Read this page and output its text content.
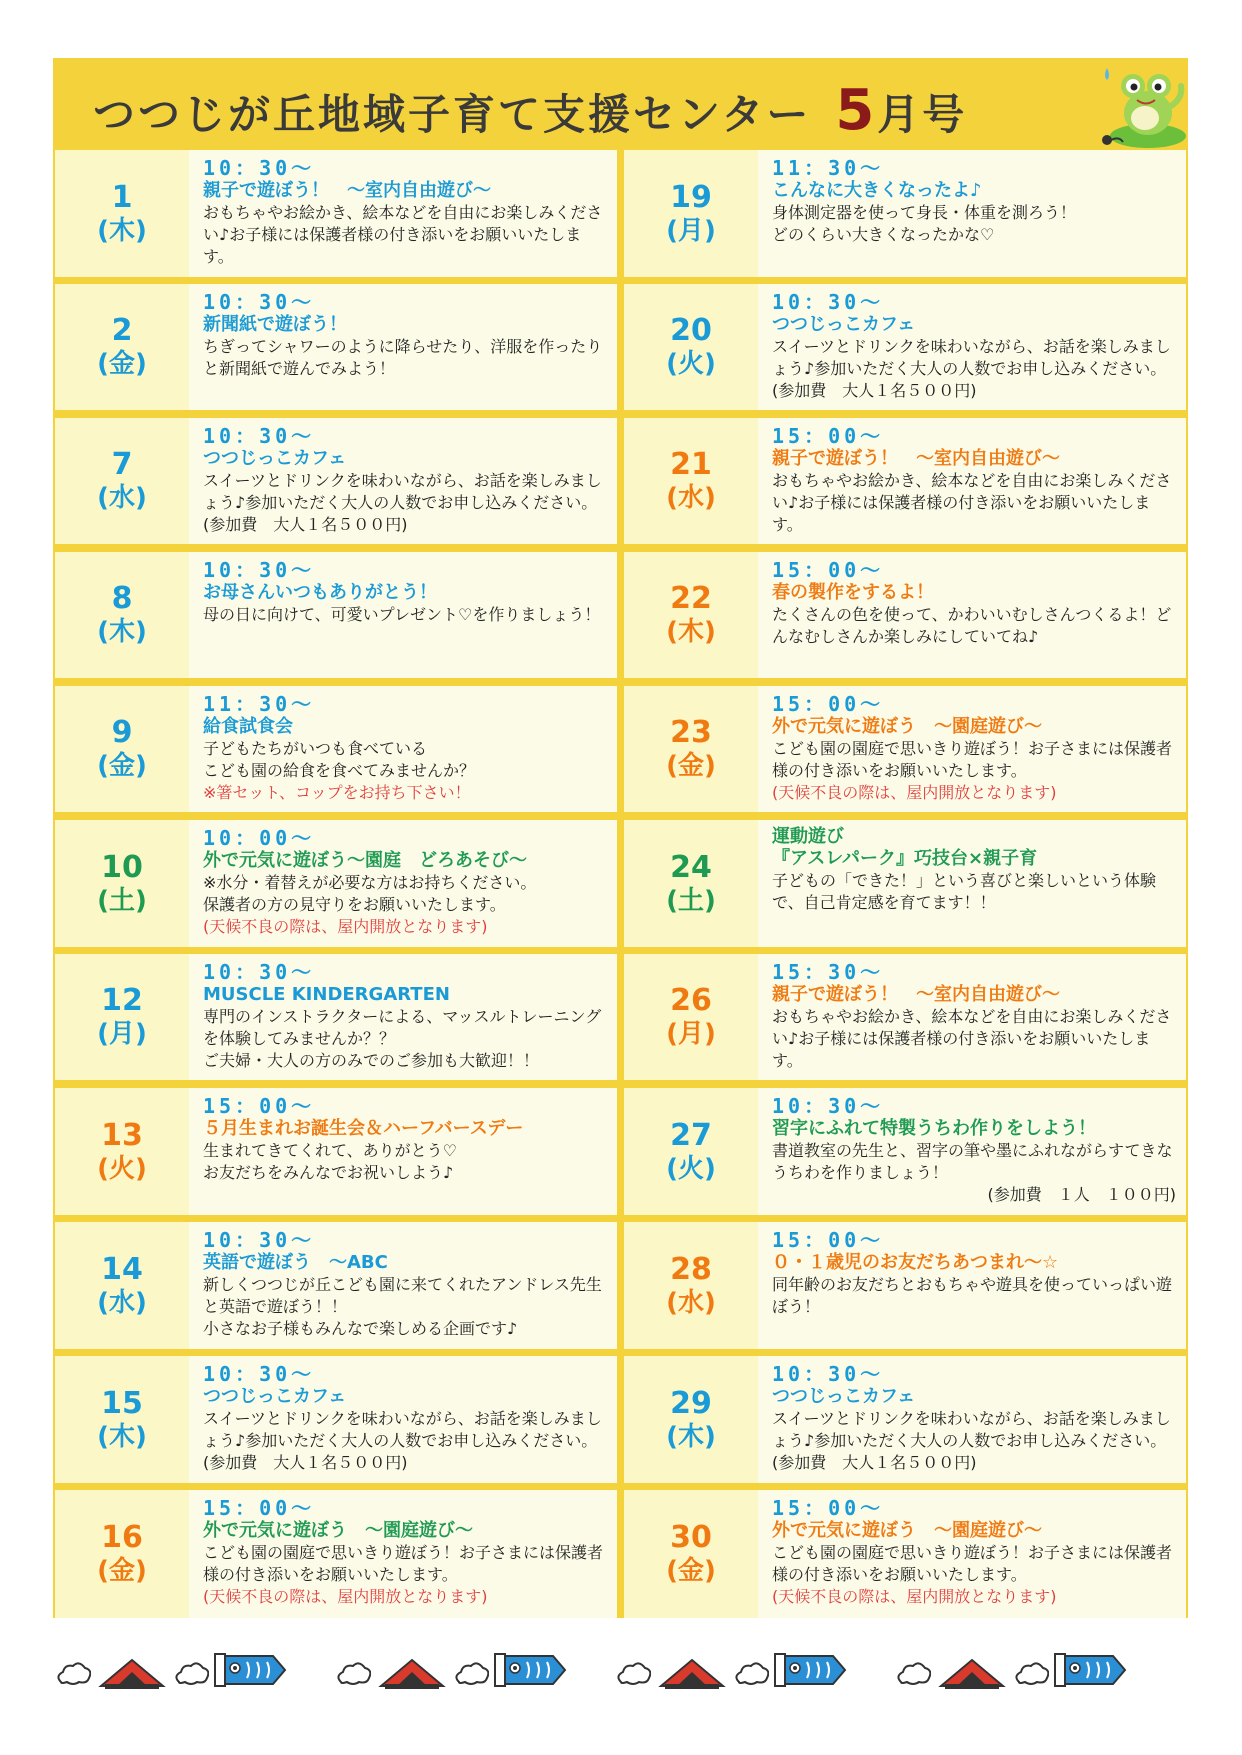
つつじが丘地域子育て支援センター 5月号
1
(木)
10：30～
親子で遊ぼう！　～室内自由遊び～
おもちゃやお絵かき、絵本などを自由にお楽しみください♪お子様には保護者様の付き添いをお願いいたします。
2
(金)
10：30～
新聞紙で遊ぼう！
ちぎってシャワーのように降らせたり、洋服を作ったりと新聞紙で遊んでみよう！
7
(水)
10：30～
つつじっこカフェ
スイーツとドリンクを味わいながら、お話を楽しみましょう♪参加いただく大人の人数でお申し込みください。(参加費　大人１名５００円)
8
(木)
10：30～
お母さんいつもありがとう！
母の日に向けて、可愛いプレゼント♡を作りましょう！
9
(金)
11：30～
給食試食会
子どもたちがいつも食べている
こども園の給食を食べてみませんか？
※箸セット、コップをお持ち下さい！
10
(土)
10：00～
外で元気に遊ぼう～園庭　どろあそび～
※水分・着替えが必要な方はお持ちください。
保護者の方の見守りをお願いいたします。
(天候不良の際は、屋内開放となります)
12
(月)
10：30～
MUSCLE KINDERGARTEN
専門のインストラクターによる、マッスルトレーニングを体験してみませんか？？
ご夫婦・大人の方のみでのご参加も大歓迎！！
13
(火)
15：00～
５月生まれお誕生会＆ハーフバースデー
生まれてきてくれて、ありがとう♡
お友だちをみんなでお祝いしよう♪
14
(水)
10：30～
英語で遊ぼう　～ABC
新しくつつじが丘こども園に来てくれたアンドレス先生と英語で遊ぼう！！
小さなお子様もみんなで楽しめる企画です♪
15
(木)
10：30～
つつじっこカフェ
スイーツとドリンクを味わいながら、お話を楽しみましょう♪参加いただく大人の人数でお申し込みください。(参加費　大人１名５００円)
16
(金)
15：00～
外で元気に遊ぼう　～園庭遊び～
こども園の園庭で思いきり遊ぼう！お子さまには保護者様の付き添いをお願いいたします。
(天候不良の際は、屋内開放となります)
19
(月)
11：30～
こんなに大きくなったよ♪
身体測定器を使って身長・体重を測ろう！
どのくらい大きくなったかな♡
20
(火)
10：30～
つつじっこカフェ
スイーツとドリンクを味わいながら、お話を楽しみましょう♪参加いただく大人の人数でお申し込みください。(参加費　大人１名５００円)
21
(水)
15：00～
親子で遊ぼう！　～室内自由遊び～
おもちゃやお絵かき、絵本などを自由にお楽しみください♪お子様には保護者様の付き添いをお願いいたします。
22
(木)
15：00～
春の製作をするよ！
たくさんの色を使って、かわいいむしさんつくるよ！どんなむしさんか楽しみにしていてね♪
23
(金)
15：00～
外で元気に遊ぼう　～園庭遊び～
こども園の園庭で思いきり遊ぼう！お子さまには保護者様の付き添いをお願いいたします。
(天候不良の際は、屋内開放となります)
24
(土)
運動遊び
『アスレパーク』巧技台×親子育
子どもの「できた！」という喜びと楽しいという体験で、自己肯定感を育てます！！
26
(月)
15：30～
親子で遊ぼう！　～室内自由遊び～
おもちゃやお絵かき、絵本などを自由にお楽しみください♪お子様には保護者様の付き添いをお願いいたします。
27
(火)
10：30～
習字にふれて特製うちわ作りをしよう！
書道教室の先生と、習字の筆や墨にふれながらすてきなうちわを作りましょう！
(参加費　１人　１００円)
28
(水)
15：00～
０・１歳児のお友だちあつまれ～☆
同年齢のお友だちとおもちゃや遊具を使っていっぱい遊ぼう！
29
(木)
10：30～
つつじっこカフェ
スイーツとドリンクを味わいながら、お話を楽しみましょう♪参加いただく大人の人数でお申し込みください。(参加費　大人１名５００円)
30
(金)
15：00～
外で元気に遊ぼう　～園庭遊び～
こども園の園庭で思いきり遊ぼう！お子さまには保護者様の付き添いをお願いいたします。
(天候不良の際は、屋内開放となります)
